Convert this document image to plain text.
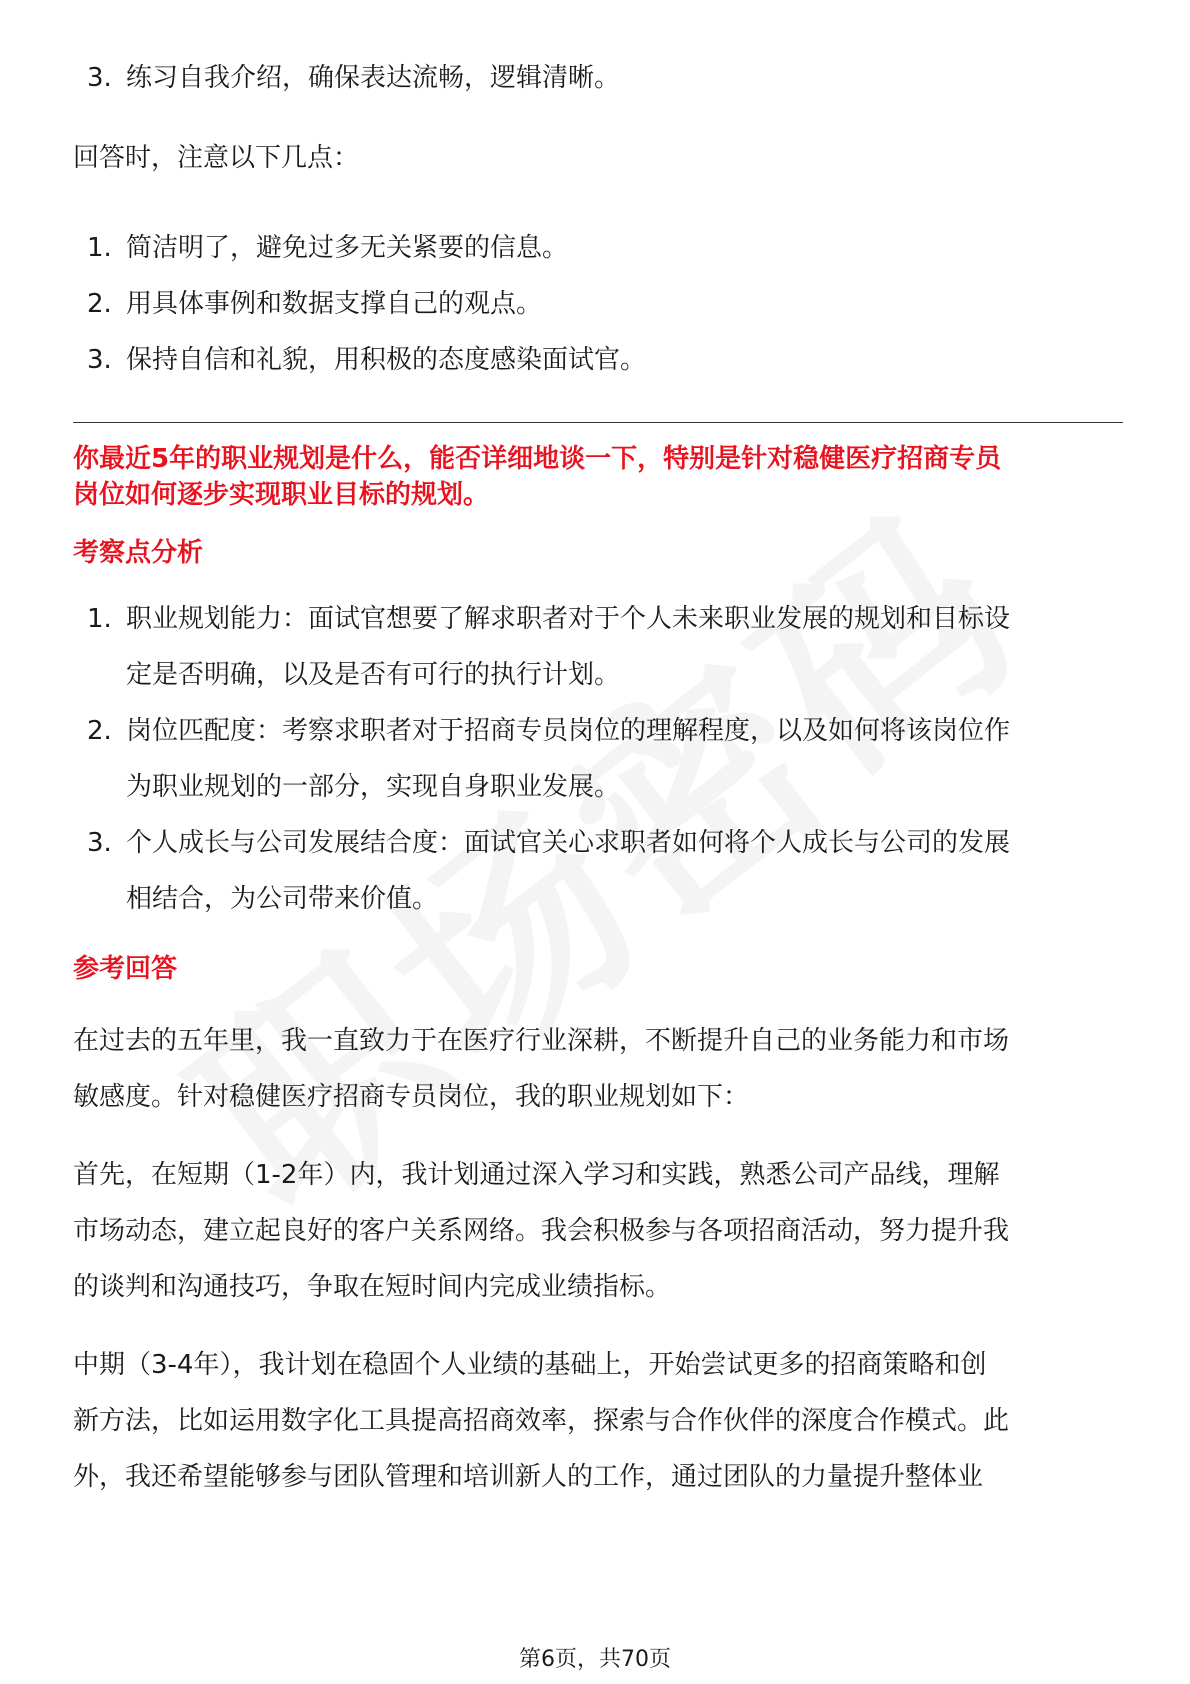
3. 练习自我介绍，确保表达流畅，逻辑清晰。

回答时，注意以下几点：

1. 简洁明了，避免过多无关紧要的信息。
2. 用具体事例和数据支撑自己的观点。
3. 保持自信和礼貌，用积极的态度感染面试官。

你最近5年的职业规划是什么，能否详细地谈一下，特别是针对稳健医疗招商专员
岗位如何逐步实现职业目标的规划。

考察点分析

1. 职业规划能力：面试官想要了解求职者对于个人未来职业发展的规划和目标设
定是否明确，以及是否有可行的执行计划。
2. 岗位匹配度：考察求职者对于招商专员岗位的理解程度，以及如何将该岗位作
为职业规划的一部分，实现自身职业发展。
3. 个人成长与公司发展结合度：面试官关心求职者如何将个人成长与公司的发展
相结合，为公司带来价值。

参考回答

在过去的五年里，我一直致力于在医疗行业深耕，不断提升自己的业务能力和市场
敏感度。针对稳健医疗招商专员岗位，我的职业规划如下：

首先，在短期（1-2年）内，我计划通过深入学习和实践，熟悉公司产品线，理解
市场动态，建立起良好的客户关系网络。我会积极参与各项招商活动，努力提升我
的谈判和沟通技巧，争取在短时间内完成业绩指标。

中期（3-4年），我计划在稳固个人业绩的基础上，开始尝试更多的招商策略和创
新方法，比如运用数字化工具提高招商效率，探索与合作伙伴的深度合作模式。此
外，我还希望能够参与团队管理和培训新人的工作，通过团队的力量提升整体业

第6页，共70页
